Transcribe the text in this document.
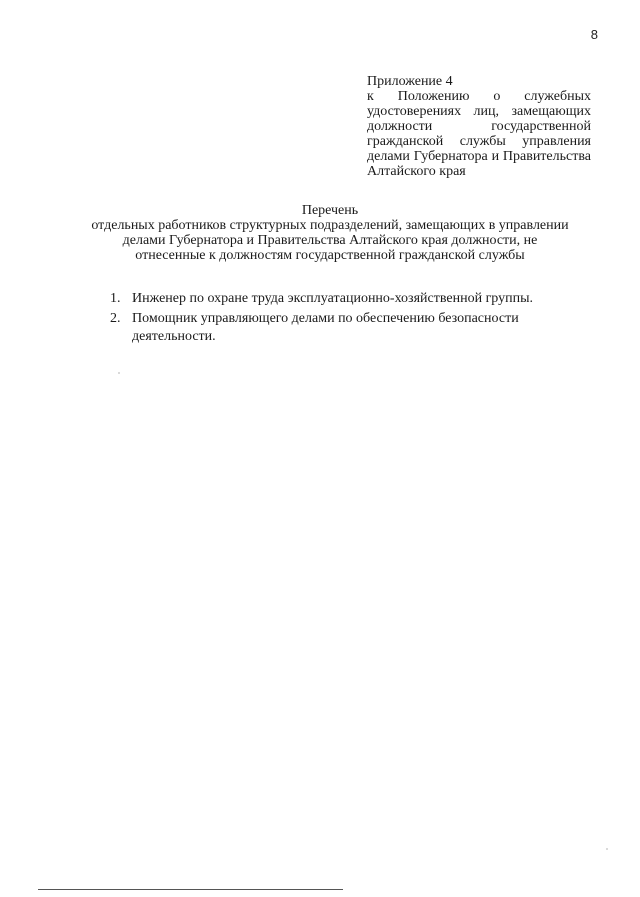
8

Приложение 4

к Положению о служебных удостоверениях лиц, замещающих должности государственной гражданской службы управления делами Губернатора и Правительства Алтайского края

Перечень
отдельных работников структурных подразделений, замещающих в управлении делами Губернатора и Правительства Алтайского края должности, не отнесенные к должностям государственной гражданской службы
1. Инженер по охране труда эксплуатационно-хозяйственной группы.
2. Помощник управляющего делами по обеспечению безопасности деятельности.
